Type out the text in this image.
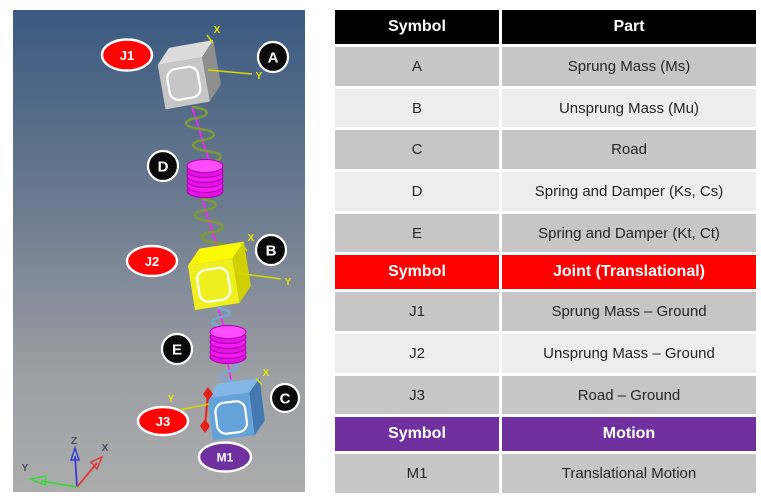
X
Y
X
Y
X
Y
Z
X
Y
J1
J2
J3
A
D
B
E
C
M1
Symbol	Part
A	Sprung Mass (Ms)
B	Unsprung Mass (Mu)
C	Road
D	Spring and Damper (Ks, Cs)
E	Spring and Damper (Kt, Ct)
Symbol	Joint (Translational)
J1	Sprung Mass – Ground
J2	Unsprung Mass – Ground
J3	Road – Ground
Symbol	Motion
M1	Translational Motion
